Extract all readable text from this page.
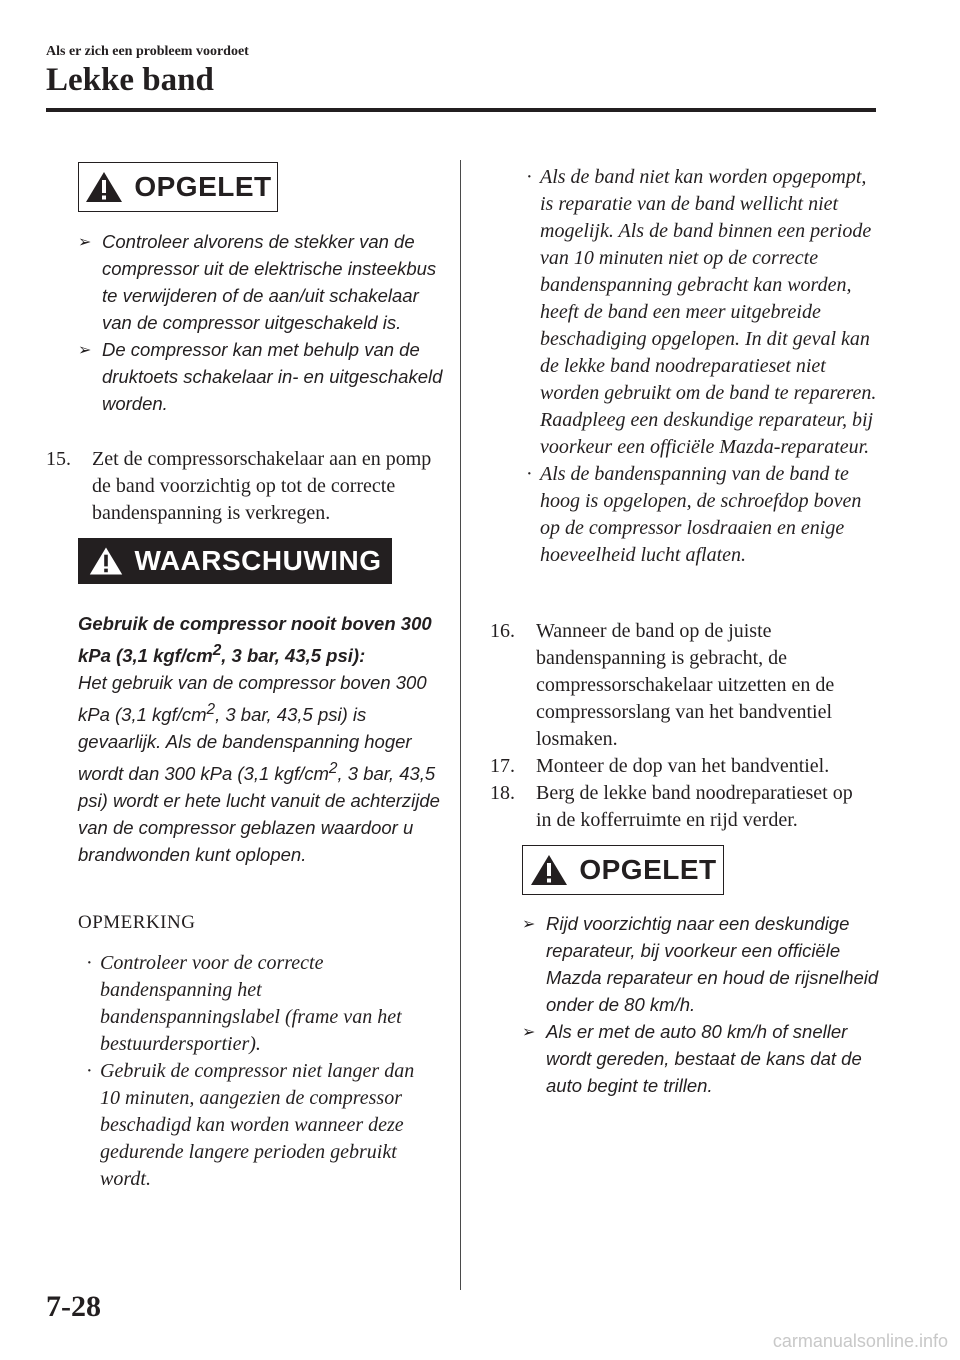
Als er zich een probleem voordoet
Lekke band
OPGELET
➢ Controleer alvorens de stekker van de compressor uit de elektrische insteekbus te verwijderen of de aan/uit schakelaar van de compressor uitgeschakeld is.
➢ De compressor kan met behulp van de druktoets schakelaar in- en uitgeschakeld worden.
15. Zet de compressorschakelaar aan en pomp de band voorzichtig op tot de correcte bandenspanning is verkregen.
WAARSCHUWING
Gebruik de compressor nooit boven 300 kPa (3,1 kgf/$cm^2$, 3 bar, 43,5 psi):
Het gebruik van de compressor boven 300 kPa (3,1 kgf/$cm^2$, 3 bar, 43,5 psi) is gevaarlijk. Als de bandenspanning hoger wordt dan 300 kPa (3,1 kgf/$cm^2$, 3 bar, 43,5 psi) wordt er hete lucht vanuit de achterzijde van de compressor geblazen waardoor u brandwonden kunt oplopen.
OPMERKING
· Controleer voor de correcte bandenspanning het bandenspanningslabel (frame van het bestuurdersportier).
· Gebruik de compressor niet langer dan 10 minuten, aangezien de compressor beschadigd kan worden wanneer deze gedurende langere perioden gebruikt wordt.
· Als de band niet kan worden opgepompt, is reparatie van de band wellicht niet mogelijk. Als de band binnen een periode van 10 minuten niet op de correcte bandenspanning gebracht kan worden, heeft de band een meer uitgebreide beschadiging opgelopen. In dit geval kan de lekke band noodreparatieset niet worden gebruikt om de band te repareren. Raadpleeg een deskundige reparateur, bij voorkeur een officiële Mazda-reparateur.
· Als de bandenspanning van de band te hoog is opgelopen, de schroefdop boven op de compressor losdraaien en enige hoeveelheid lucht aflaten.
16. Wanneer de band op de juiste bandenspanning is gebracht, de compressorschakelaar uitzetten en de compressorslang van het bandventiel losmaken.
17. Monteer de dop van het bandventiel.
18. Berg de lekke band noodreparatieset op in de kofferruimte en rijd verder.
OPGELET
➢ Rijd voorzichtig naar een deskundige reparateur, bij voorkeur een officiële Mazda reparateur en houd de rijsnelheid onder de 80 km/h.
➢ Als er met de auto 80 km/h of sneller wordt gereden, bestaat de kans dat de auto begint te trillen.
7-28
carmanualsonline.info
